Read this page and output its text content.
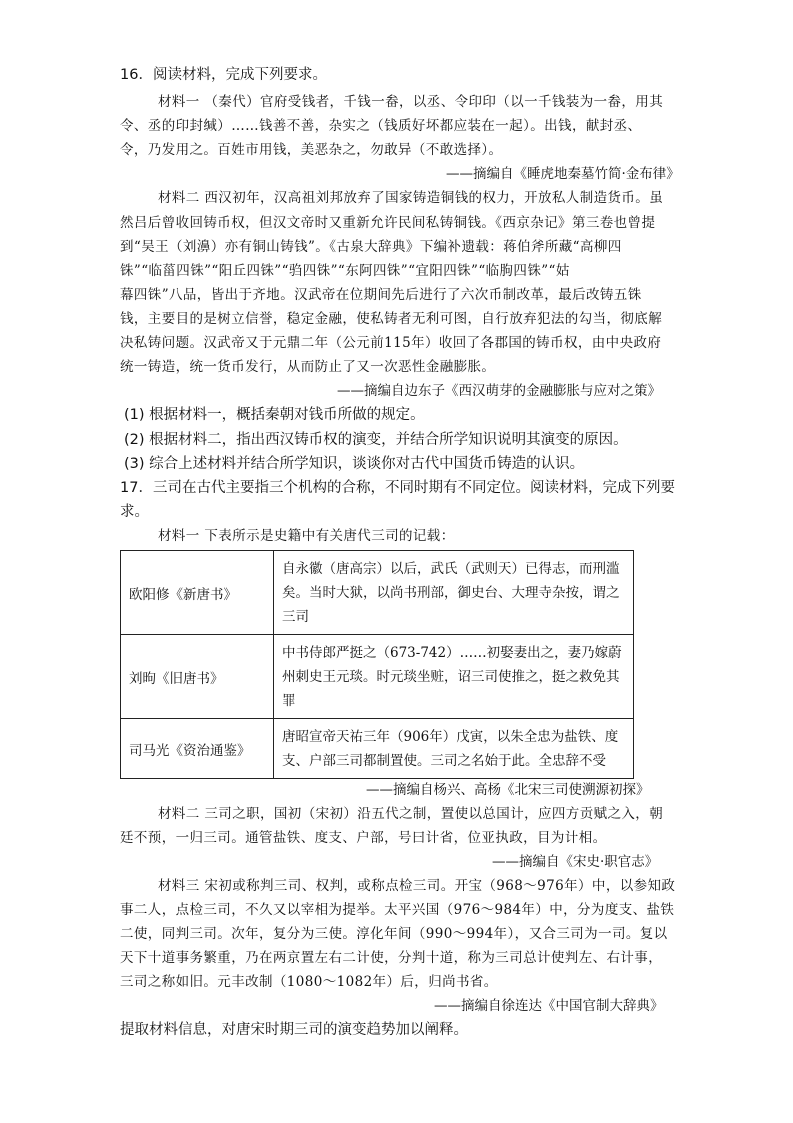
16．阅读材料，完成下列要求。
材料一 （秦代）官府受钱者，千钱一畚，以丞、令印印（以一千钱装为一畚，用其
令、丞的印封缄）……钱善不善，杂实之（钱质好坏都应装在一起）。出钱，献封丞、
令，乃发用之。百姓市用钱，美恶杂之，勿敢异（不敢选择）。
——摘编自《睡虎地秦墓竹简·金布律》
材料二 西汉初年，汉高祖刘邦放弃了国家铸造铜钱的权力，开放私人制造货币。虽
然吕后曾收回铸币权，但汉文帝时又重新允许民间私铸铜钱。《西京杂记》第三卷也曾提
到“吴王（刘濞）亦有铜山铸钱”。《古泉大辞典》下编补遗载：蒋伯斧所藏“高柳四
铢”“临菑四铢”“阳丘四铢”“驺四铢”“东阿四铢”“宜阳四铢”“临朐四铢”“姑
幕四铢”八品，皆出于齐地。汉武帝在位期间先后进行了六次币制改革，最后改铸五铢
钱，主要目的是树立信誉，稳定金融，使私铸者无利可图，自行放弃犯法的勾当，彻底解
决私铸问题。汉武帝又于元鼎二年（公元前115年）收回了各郡国的铸币权，由中央政府
统一铸造，统一货币发行，从而防止了又一次恶性金融膨胀。
——摘编自边东子《西汉萌芽的金融膨胀与应对之策》
(1) 根据材料一，概括秦朝对钱币所做的规定。
(2) 根据材料二，指出西汉铸币权的演变，并结合所学知识说明其演变的原因。
(3) 综合上述材料并结合所学知识，谈谈你对古代中国货币铸造的认识。
17．三司在古代主要指三个机构的合称，不同时期有不同定位。阅读材料，完成下列要
求。
材料一 下表所示是史籍中有关唐代三司的记载：
欧阳修《新唐书》	自永徽（唐高宗）以后，武氏（武则天）已得志，而刑滥
矣。当时大狱，以尚书刑部，御史台、大理寺杂按，谓之
三司

刘昫《旧唐书》	中书侍郎严挺之（673-742）……初娶妻出之，妻乃嫁蔚
州刺史王元琰。时元琰坐赃，诏三司使推之，挺之救免其
罪

司马光《资治通鉴》	唐昭宣帝天祐三年（906年）戊寅，以朱全忠为盐铁、度
支、户部三司都制置使。三司之名始于此。全忠辞不受
——摘编自杨兴、高杨《北宋三司使溯源初探》
材料二 三司之职，国初（宋初）沿五代之制，置使以总国计，应四方贡赋之入，朝
廷不预，一归三司。通管盐铁、度支、户部，号曰计省，位亚执政，目为计相。
——摘编自《宋史·职官志》
材料三 宋初或称判三司、权判，或称点检三司。开宝（968～976年）中，以参知政
事二人，点检三司，不久又以宰相为提举。太平兴国（976～984年）中，分为度支、盐铁
二使，同判三司。次年，复分为三使。淳化年间（990～994年），又合三司为一司。复以
天下十道事务繁重，乃在两京置左右二计使，分判十道，称为三司总计使判左、右计事，
三司之称如旧。元丰改制（1080～1082年）后，归尚书省。
——摘编自徐连达《中国官制大辞典》
提取材料信息，对唐宋时期三司的演变趋势加以阐释。
